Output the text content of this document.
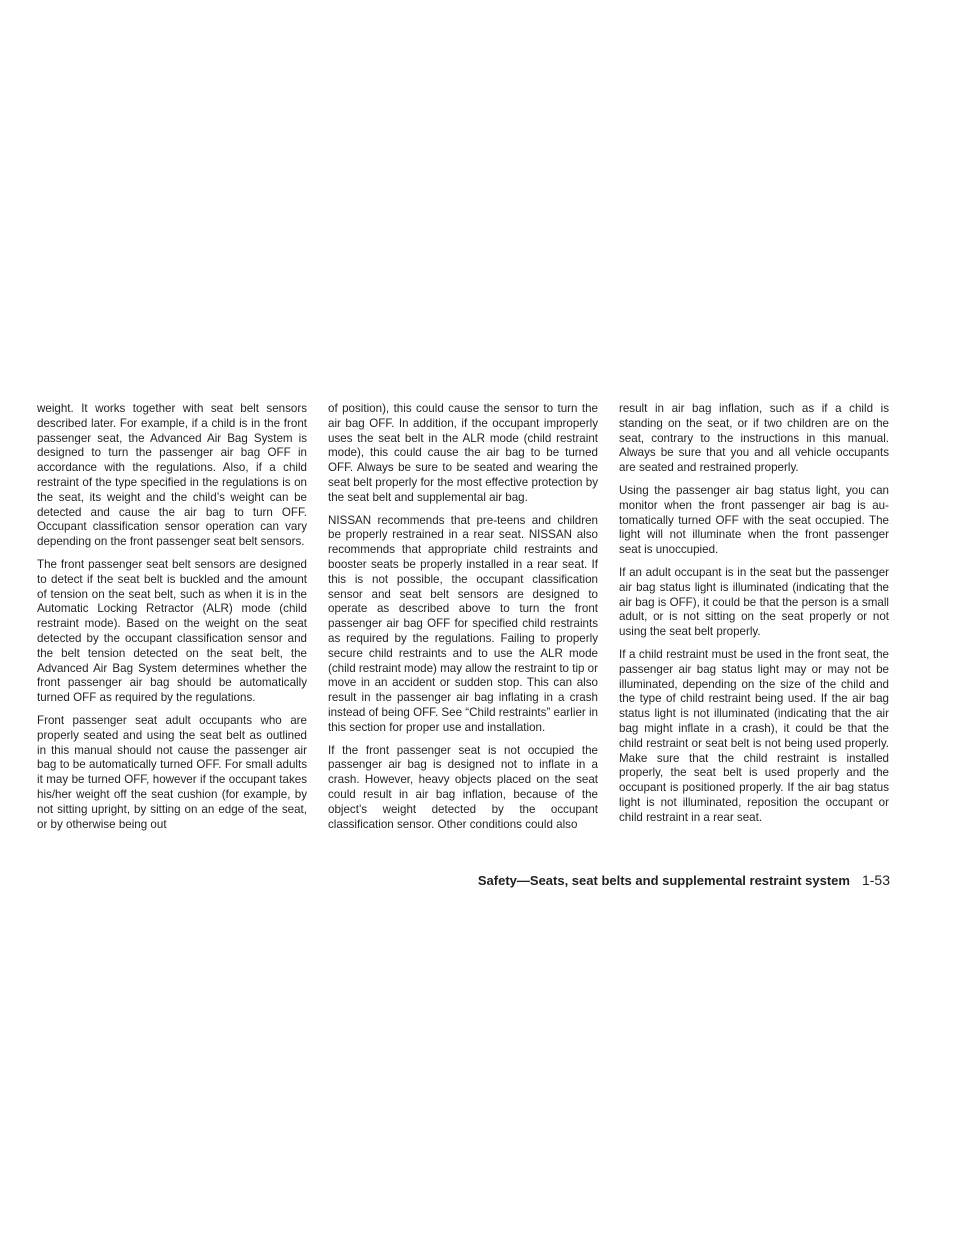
weight. It works together with seat belt sensors described later. For example, if a child is in the front passenger seat, the Advanced Air Bag System is designed to turn the passenger air bag OFF in accordance with the regulations. Also, if a child restraint of the type specified in the regulations is on the seat, its weight and the child’s weight can be detected and cause the air bag to turn OFF. Occupant classification sensor operation can vary depending on the front passenger seat belt sensors.

The front passenger seat belt sensors are designed to detect if the seat belt is buckled and the amount of tension on the seat belt, such as when it is in the Automatic Locking Retractor (ALR) mode (child restraint mode). Based on the weight on the seat detected by the occupant classification sensor and the belt tension detected on the seat belt, the Advanced Air Bag System determines whether the front passenger air bag should be automatically turned OFF as required by the regulations.

Front passenger seat adult occupants who are properly seated and using the seat belt as outlined in this manual should not cause the passenger air bag to be automatically turned OFF. For small adults it may be turned OFF, however if the occupant takes his/her weight off the seat cushion (for example, by not sitting upright, by sitting on an edge of the seat, or by otherwise being out

of position), this could cause the sensor to turn the air bag OFF. In addition, if the occupant improperly uses the seat belt in the ALR mode (child restraint mode), this could cause the air bag to be turned OFF. Always be sure to be seated and wearing the seat belt properly for the most effective protection by the seat belt and supplemental air bag.

NISSAN recommends that pre-teens and children be properly restrained in a rear seat. NISSAN also recommends that appropriate child restraints and booster seats be properly installed in a rear seat. If this is not possible, the occupant classification sensor and seat belt sensors are designed to operate as described above to turn the front passenger air bag OFF for specified child restraints as required by the regulations. Failing to properly secure child restraints and to use the ALR mode (child restraint mode) may allow the restraint to tip or move in an accident or sudden stop. This can also result in the passenger air bag inflating in a crash instead of being OFF. See “Child restraints” earlier in this section for proper use and installation.

If the front passenger seat is not occupied the passenger air bag is designed not to inflate in a crash. However, heavy objects placed on the seat could result in air bag inflation, because of the object’s weight detected by the occupant classification sensor. Other conditions could also

result in air bag inflation, such as if a child is standing on the seat, or if two children are on the seat, contrary to the instructions in this manual. Always be sure that you and all vehicle occupants are seated and restrained properly.

Using the passenger air bag status light, you can monitor when the front passenger air bag is automatically turned OFF with the seat occupied. The light will not illuminate when the front passenger seat is unoccupied.

If an adult occupant is in the seat but the passenger air bag status light is illuminated (indicating that the air bag is OFF), it could be that the person is a small adult, or is not sitting on the seat properly or not using the seat belt properly.

If a child restraint must be used in the front seat, the passenger air bag status light may or may not be illuminated, depending on the size of the child and the type of child restraint being used. If the air bag status light is not illuminated (indicating that the air bag might inflate in a crash), it could be that the child restraint or seat belt is not being used properly. Make sure that the child restraint is installed properly, the seat belt is used properly and the occupant is positioned properly. If the air bag status light is not illuminated, reposition the occupant or child restraint in a rear seat.

Safety—Seats, seat belts and supplemental restraint system 1-53
